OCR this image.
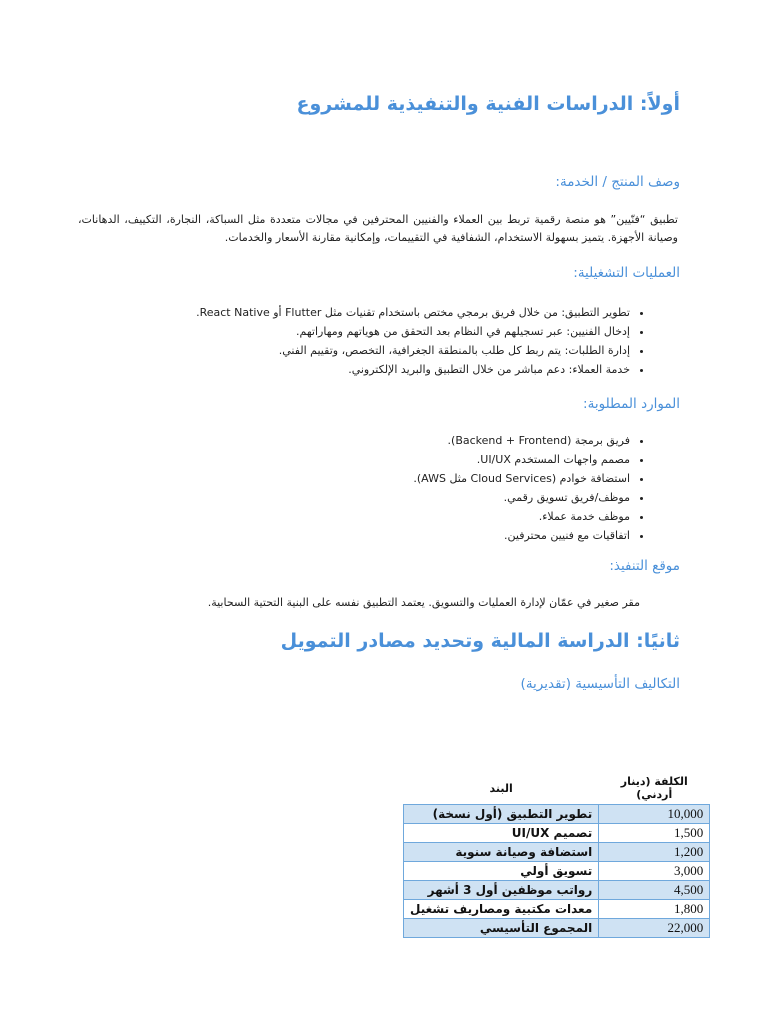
أولاً: الدراسات الفنية والتنفيذية للمشروع
وصف المنتج / الخدمة:

تطبيق “فنّيين” هو منصة رقمية تربط بين العملاء والفنيين المحترفين في مجالات متعددة مثل السباكة، النجارة، التكييف، الدهانات، وصيانة الأجهزة. يتميز بسهولة الاستخدام، الشفافية في التقييمات، وإمكانية مقارنة الأسعار والخدمات.

العمليات التشغيلية:
• تطوير التطبيق: من خلال فريق برمجي مختص باستخدام تقنيات مثل Flutter أو React Native.
• إدخال الفنيين: عبر تسجيلهم في النظام بعد التحقق من هوياتهم ومهاراتهم.
• إدارة الطلبات: يتم ربط كل طلب بالمنطقة الجغرافية، التخصص، وتقييم الفني.
• خدمة العملاء: دعم مباشر من خلال التطبيق والبريد الإلكتروني.
الموارد المطلوبة:
• فريق برمجة (Backend + Frontend).
• مصمم واجهات المستخدم UI/UX.
• استضافة خوادم (Cloud Services مثل AWS).
• موظف/فريق تسويق رقمي.
• موظف خدمة عملاء.
• اتفاقيات مع فنيين محترفين.
موقع التنفيذ:

مقر صغير في عمّان لإدارة العمليات والتسويق. يعتمد التطبيق نفسه على البنية التحتية السحابية.

ثانيًا: الدراسة المالية وتحديد مصادر التمويل
التكاليف التأسيسية (تقديرية)
الكلفة (دينار أردني)	البند
10,000	تطوير التطبيق (أول نسخة)
1,500	تصميم UI/UX
1,200	استضافة وصيانة سنوية
3,000	تسويق أولي
4,500	رواتب موظفين أول 3 أشهر
1,800	معدات مكتبية ومصاريف تشغيل
22,000	المجموع التأسيسي
